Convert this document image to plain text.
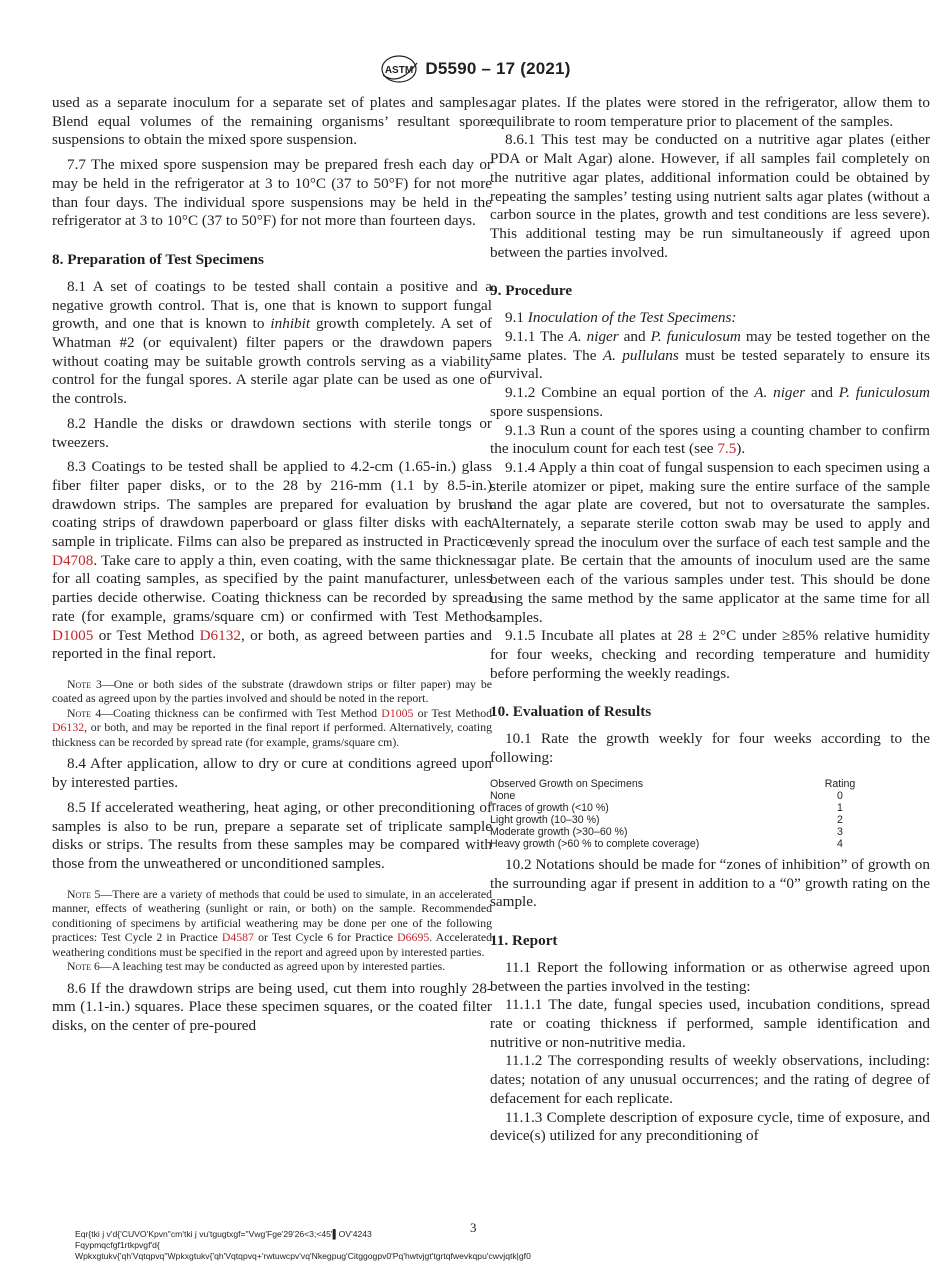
ASTM D5590 – 17 (2021)

used as a separate inoculum for a separate set of plates and samples. Blend equal volumes of the remaining organisms’ resultant spore suspensions to obtain the mixed spore suspension.

7.7 The mixed spore suspension may be prepared fresh each day or may be held in the refrigerator at 3 to 10°C (37 to 50°F) for not more than four days. The individual spore suspensions may be held in the refrigerator at 3 to 10°C (37 to 50°F) for not more than fourteen days.

8. Preparation of Test Specimens

8.1 A set of coatings to be tested shall contain a positive and a negative growth control. That is, one that is known to support fungal growth, and one that is known to inhibit growth completely. A set of Whatman #2 (or equivalent) filter papers or the drawdown papers without coating may be suitable growth controls serving as a viability control for the fungal spores. A sterile agar plate can be used as one of the controls.

8.2 Handle the disks or drawdown sections with sterile tongs or tweezers.

8.3 Coatings to be tested shall be applied to 4.2-cm (1.65-in.) glass fiber filter paper disks, or to the 28 by 216-mm (1.1 by 8.5-in.) drawdown strips. The samples are prepared for evaluation by brush coating strips of drawdown paperboard or glass filter disks with each sample in triplicate. Films can also be prepared as instructed in Practice D4708. Take care to apply a thin, even coating, with the same thickness for all coating samples, as specified by the paint manufacturer, unless parties decide otherwise. Coating thickness can be recorded by spread rate (for example, grams/square cm) or confirmed with Test Method D1005 or Test Method D6132, or both, as agreed between parties and reported in the final report.

Note 3—One or both sides of the substrate (drawdown strips or filter paper) may be coated as agreed upon by the parties involved and should be noted in the report.

Note 4—Coating thickness can be confirmed with Test Method D1005 or Test Method D6132, or both, and may be reported in the final report if performed. Alternatively, coating thickness can be recorded by spread rate (for example, grams/square cm).

8.4 After application, allow to dry or cure at conditions agreed upon by interested parties.

8.5 If accelerated weathering, heat aging, or other preconditioning of samples is also to be run, prepare a separate set of triplicate sample disks or strips. The results from these samples may be compared with those from the unweathered or unconditioned samples.

Note 5—There are a variety of methods that could be used to simulate, in an accelerated manner, effects of weathering (sunlight or rain, or both) on the sample. Recommended conditioning of specimens by artificial weathering may be done per one of the following practices: Test Cycle 2 in Practice D4587 or Test Cycle 6 for Practice D6695. Accelerated weathering conditions must be specified in the report and agreed upon by interested parties.

Note 6—A leaching test may be conducted as agreed upon by interested parties.

8.6 If the drawdown strips are being used, cut them into roughly 28-mm (1.1-in.) squares. Place these specimen squares, or the coated filter disks, on the center of pre-poured

agar plates. If the plates were stored in the refrigerator, allow them to equilibrate to room temperature prior to placement of the samples.

8.6.1 This test may be conducted on a nutritive agar plates (either PDA or Malt Agar) alone. However, if all samples fail completely on the nutritive agar plates, additional information could be obtained by repeating the samples’ testing using nutrient salts agar plates (without a carbon source in the plates, growth and test conditions are less severe). This additional testing may be run simultaneously if agreed upon between the parties involved.

9. Procedure

9.1 Inoculation of the Test Specimens:

9.1.1 The A. niger and P. funiculosum may be tested together on the same plates. The A. pullulans must be tested separately to ensure its survival.

9.1.2 Combine an equal portion of the A. niger and P. funiculosum spore suspensions.

9.1.3 Run a count of the spores using a counting chamber to confirm the inoculum count for each test (see 7.5).

9.1.4 Apply a thin coat of fungal suspension to each specimen using a sterile atomizer or pipet, making sure the entire surface of the sample and the agar plate are covered, but not to oversaturate the samples. Alternately, a separate sterile cotton swab may be used to apply and evenly spread the inoculum over the surface of each test sample and the agar plate. Be certain that the amounts of inoculum used are the same between each of the various samples under test. This should be done using the same method by the same applicator at the same time for all samples.

9.1.5 Incubate all plates at 28 ± 2°C under ≥85% relative humidity for four weeks, checking and recording temperature and humidity before performing the weekly readings.

10. Evaluation of Results

10.1 Rate the growth weekly for four weeks according to the following:

Observed Growth on Specimens	Rating
None	0
Traces of growth (<10 %)	1
Light growth (10–30 %)	2
Moderate growth (>30–60 %)	3
Heavy growth (>60 % to complete coverage)	4

10.2 Notations should be made for “zones of inhibition” of growth on the surrounding agar if present in addition to a “0” growth rating on the sample.

11. Report

11.1 Report the following information or as otherwise agreed upon between the parties involved in the testing:

11.1.1 The date, fungal species used, incubation conditions, spread rate or coating thickness if performed, sample identification and nutritive or non-nutritive media.

11.1.2 The corresponding results of weekly observations, including: dates; notation of any unusual occurrences; and the rating of degree of defacement for each replicate.

11.1.3 Complete description of exposure cycle, time of exposure, and device(s) utilized for any preconditioning of

3
Eqr{tki j v'd{'CUVO'Kpvn"cm'tki j vu'tgugtxgf="Vwg'Fge'29'26<3;<45'▌OV'4243
Fqypmqcfgf1rtkpvgf'd{
Wpkxgtukv{'qh'Vqtqpvq''Wpkxgtukv{'qh'Vqtqpvq+'rwtuwcpv'vq'Nkegpug'Citggogpv0'Pq'hwtvjgt'tgrtqfwevkqpu'cwvjqtk|gf0
